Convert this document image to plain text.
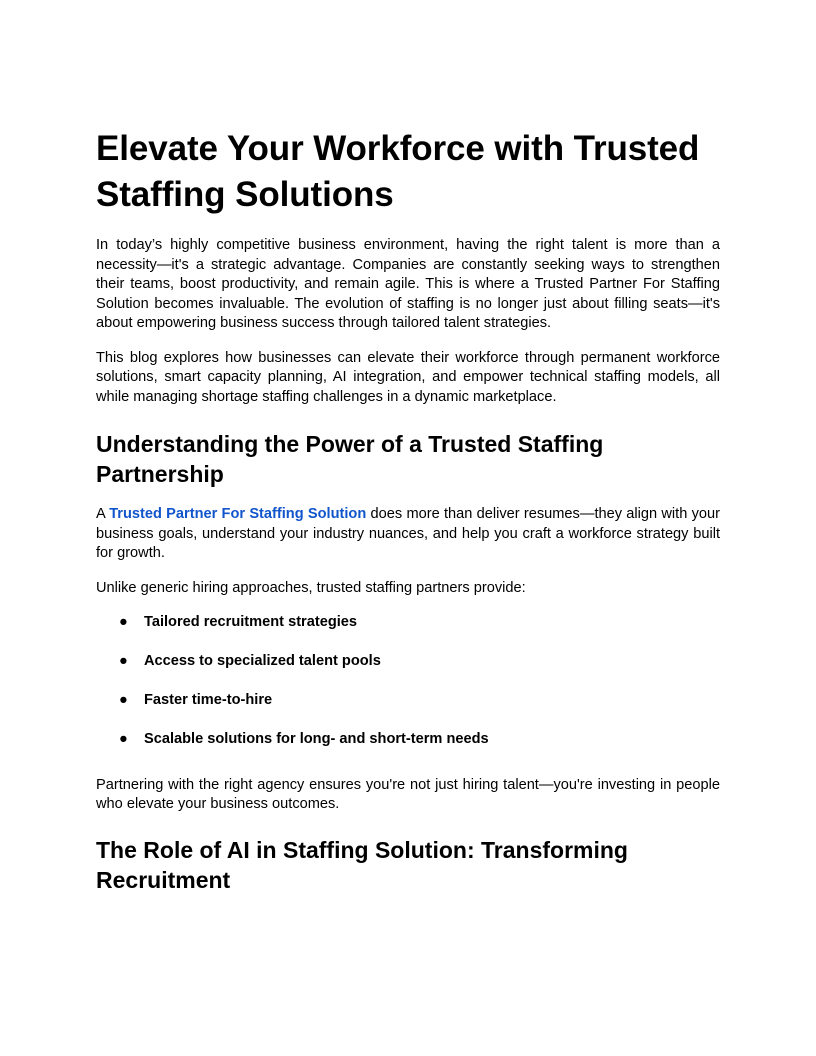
Elevate Your Workforce with Trusted Staffing Solutions

In today’s highly competitive business environment, having the right talent is more than a necessity—it's a strategic advantage. Companies are constantly seeking ways to strengthen their teams, boost productivity, and remain agile. This is where a Trusted Partner For Staffing Solution becomes invaluable. The evolution of staffing is no longer just about filling seats—it's about empowering business success through tailored talent strategies.

This blog explores how businesses can elevate their workforce through permanent workforce solutions, smart capacity planning, AI integration, and empower technical staffing models, all while managing shortage staffing challenges in a dynamic marketplace.

Understanding the Power of a Trusted Staffing Partnership

A Trusted Partner For Staffing Solution does more than deliver resumes—they align with your business goals, understand your industry nuances, and help you craft a workforce strategy built for growth.

Unlike generic hiring approaches, trusted staffing partners provide:

● Tailored recruitment strategies
● Access to specialized talent pools
● Faster time-to-hire
● Scalable solutions for long- and short-term needs

Partnering with the right agency ensures you're not just hiring talent—you're investing in people who elevate your business outcomes.

The Role of AI in Staffing Solution: Transforming Recruitment
